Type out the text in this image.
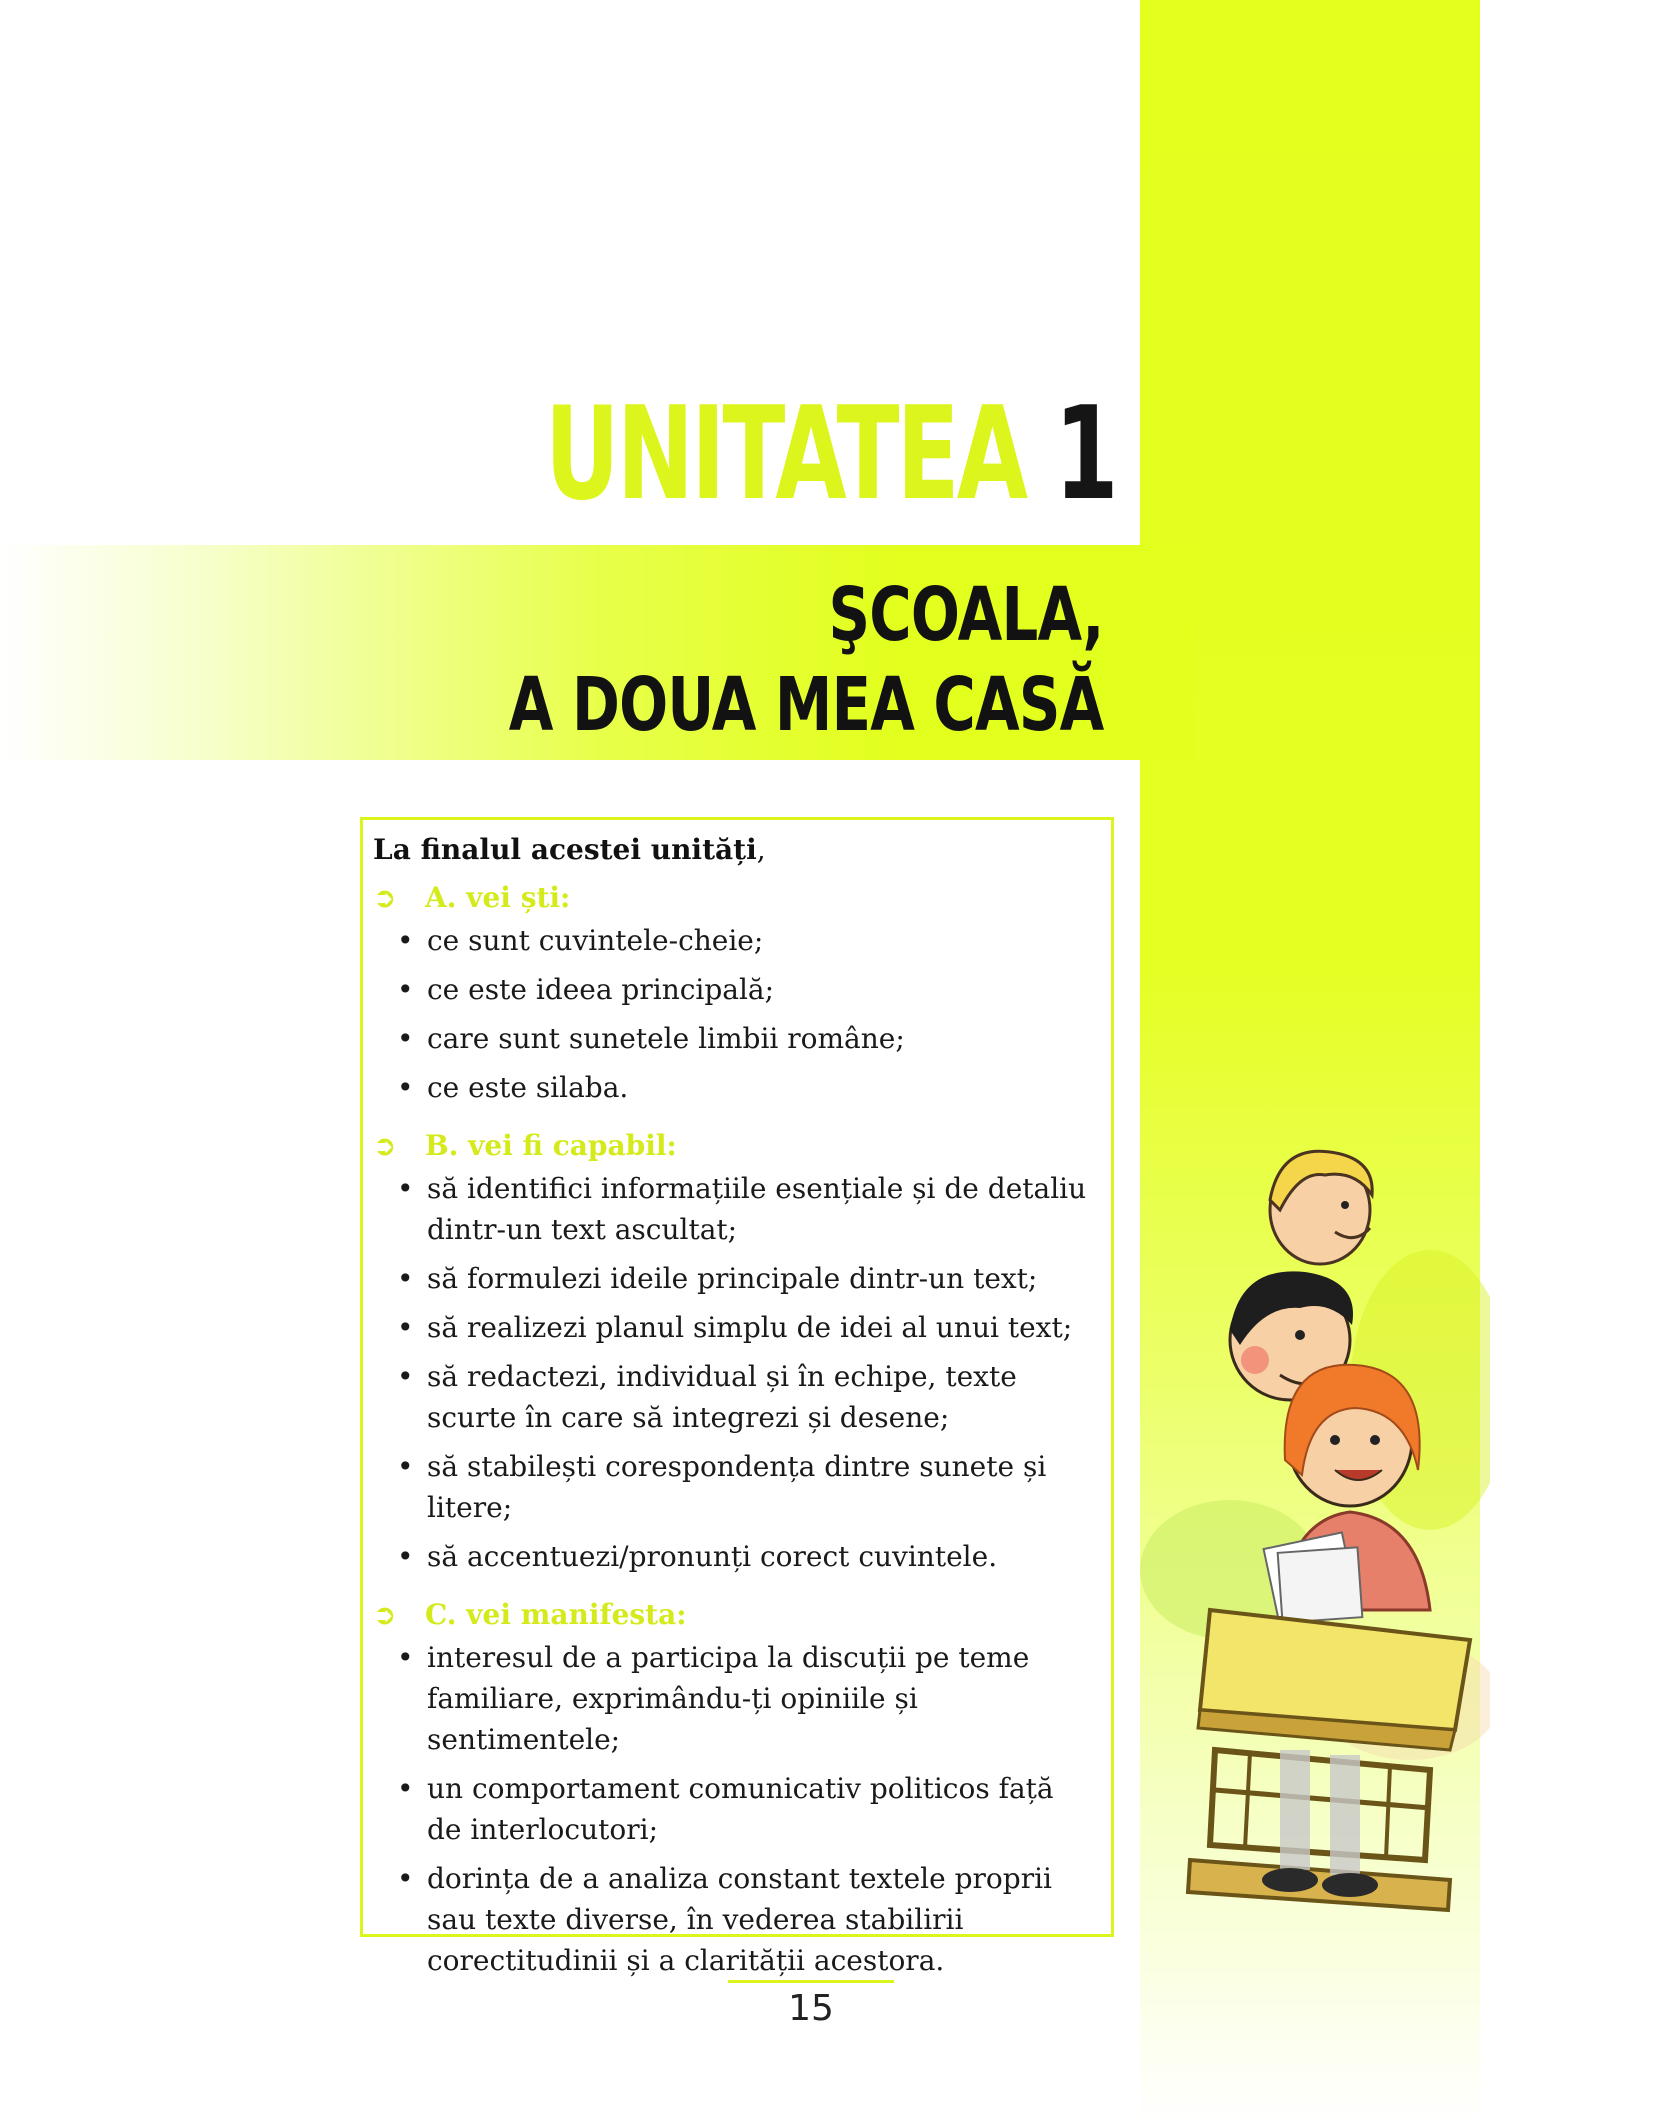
UNITATEA 1
ŞCOALA,
A DOUA MEA CASĂ

La finalul acestei unități,

➲ A. vei ști:

• ce sunt cuvintele-cheie;
• ce este ideea principală;
• care sunt sunetele limbii române;
• ce este silaba.

➲ B. vei fi capabil:

• să identifici informațiile esențiale și de detaliu dintr-un text ascultat;
• să formulezi ideile principale dintr-un text;
• să realizezi planul simplu de idei al unui text;
• să redactezi, individual și în echipe, texte scurte în care să integrezi și desene;
• să stabilești corespondența dintre sunete și litere;
• să accentuezi/pronunți corect cuvintele.

➲ C. vei manifesta:

• interesul de a participa la discuții pe teme familiare, exprimându-ți opiniile și sentimentele;
• un comportament comunicativ politicos față de interlocutori;
• dorința de a analiza constant textele proprii sau texte diverse, în vederea stabilirii corectitudinii și a clarității acestora.
15
